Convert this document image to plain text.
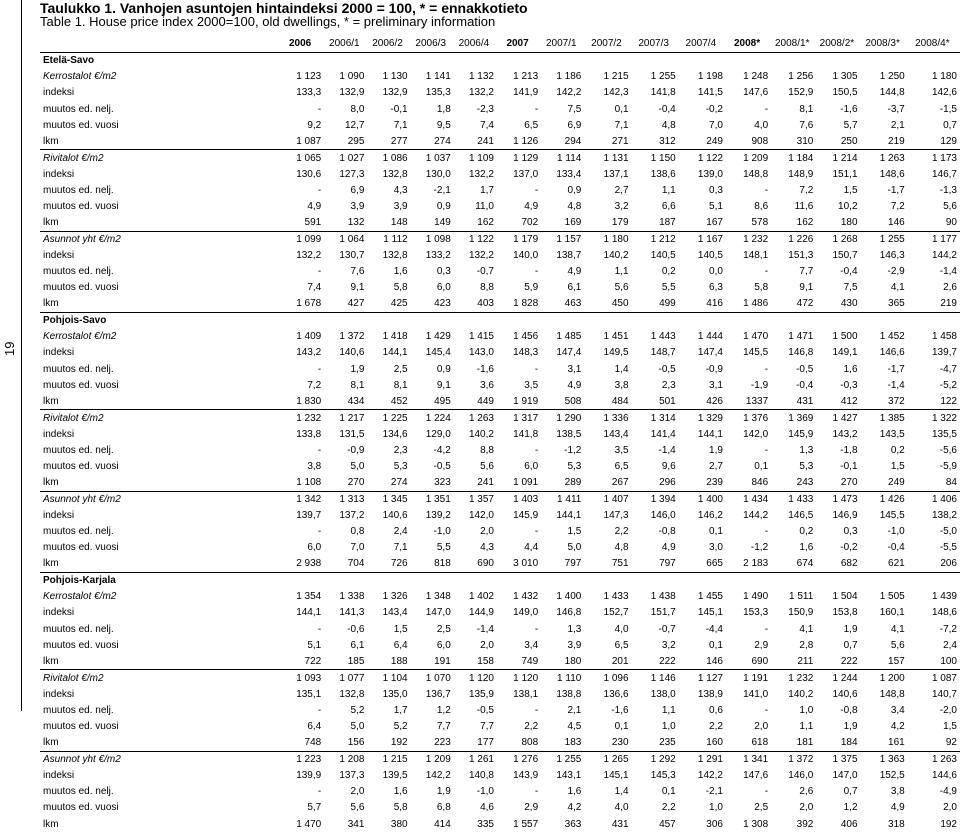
19
Taulukko 1. Vanhojen asuntojen hintaindeksi 2000 = 100, * = ennakkotieto
Table 1. House price index 2000=100, old dwellings, * = preliminary information
	2006	2006/1	2006/2	2006/3	2006/4	2007	2007/1	2007/2	2007/3	2007/4	2008*	2008/1*	2008/2*	2008/3*	2008/4*
Etelä-Savo															
Kerrostalot €/m2	1 123	1 090	1 130	1 141	1 132	1 213	1 186	1 215	1 255	1 198	1 248	1 256	1 305	1 250	1 180
indeksi	133,3	132,9	132,9	135,3	132,2	141,9	142,2	142,3	141,8	141,5	147,6	152,9	150,5	144,8	142,6
muutos ed. nelj.	-	8,0	-0,1	1,8	-2,3	-	7,5	0,1	-0,4	-0,2	-	8,1	-1,6	-3,7	-1,5
muutos ed. vuosi	9,2	12,7	7,1	9,5	7,4	6,5	6,9	7,1	4,8	7,0	4,0	7,6	5,7	2,1	0,7
lkm	1 087	295	277	274	241	1 126	294	271	312	249	908	310	250	219	129
Rivitalot €/m2	1 065	1 027	1 086	1 037	1 109	1 129	1 114	1 131	1 150	1 122	1 209	1 184	1 214	1 263	1 173
indeksi	130,6	127,3	132,8	130,0	132,2	137,0	133,4	137,1	138,6	139,0	148,8	148,9	151,1	148,6	146,7
muutos ed. nelj.	-	6,9	4,3	-2,1	1,7	-	0,9	2,7	1,1	0,3	-	7,2	1,5	-1,7	-1,3
muutos ed. vuosi	4,9	3,9	3,9	0,9	11,0	4,9	4,8	3,2	6,6	5,1	8,6	11,6	10,2	7,2	5,6
lkm	591	132	148	149	162	702	169	179	187	167	578	162	180	146	90
Asunnot yht €/m2	1 099	1 064	1 112	1 098	1 122	1 179	1 157	1 180	1 212	1 167	1 232	1 226	1 268	1 255	1 177
indeksi	132,2	130,7	132,8	133,2	132,2	140,0	138,7	140,2	140,5	140,5	148,1	151,3	150,7	146,3	144,2
muutos ed. nelj.	-	7,6	1,6	0,3	-0,7	-	4,9	1,1	0,2	0,0	-	7,7	-0,4	-2,9	-1,4
muutos ed. vuosi	7,4	9,1	5,8	6,0	8,8	5,9	6,1	5,6	5,5	6,3	5,8	9,1	7,5	4,1	2,6
lkm	1 678	427	425	423	403	1 828	463	450	499	416	1 486	472	430	365	219
Pohjois-Savo															
Kerrostalot €/m2	1 409	1 372	1 418	1 429	1 415	1 456	1 485	1 451	1 443	1 444	1 470	1 471	1 500	1 452	1 458
indeksi	143,2	140,6	144,1	145,4	143,0	148,3	147,4	149,5	148,7	147,4	145,5	146,8	149,1	146,6	139,7
muutos ed. nelj.	-	1,9	2,5	0,9	-1,6	-	3,1	1,4	-0,5	-0,9	-	-0,5	1,6	-1,7	-4,7
muutos ed. vuosi	7,2	8,1	8,1	9,1	3,6	3,5	4,9	3,8	2,3	3,1	-1,9	-0,4	-0,3	-1,4	-5,2
lkm	1 830	434	452	495	449	1 919	508	484	501	426	1337	431	412	372	122
Rivitalot €/m2	1 232	1 217	1 225	1 224	1 263	1 317	1 290	1 336	1 314	1 329	1 376	1 369	1 427	1 385	1 322
indeksi	133,8	131,5	134,6	129,0	140,2	141,8	138,5	143,4	141,4	144,1	142,0	145,9	143,2	143,5	135,5
muutos ed. nelj.	-	-0,9	2,3	-4,2	8,8	-	-1,2	3,5	-1,4	1,9	-	1,3	-1,8	0,2	-5,6
muutos ed. vuosi	3,8	5,0	5,3	-0,5	5,6	6,0	5,3	6,5	9,6	2,7	0,1	5,3	-0,1	1,5	-5,9
lkm	1 108	270	274	323	241	1 091	289	267	296	239	846	243	270	249	84
Asunnot yht €/m2	1 342	1 313	1 345	1 351	1 357	1 403	1 411	1 407	1 394	1 400	1 434	1 433	1 473	1 426	1 406
indeksi	139,7	137,2	140,6	139,2	142,0	145,9	144,1	147,3	146,0	146,2	144,2	146,5	146,9	145,5	138,2
muutos ed. nelj.	-	0,8	2,4	-1,0	2,0	-	1,5	2,2	-0,8	0,1	-	0,2	0,3	-1,0	-5,0
muutos ed. vuosi	6,0	7,0	7,1	5,5	4,3	4,4	5,0	4,8	4,9	3,0	-1,2	1,6	-0,2	-0,4	-5,5
lkm	2 938	704	726	818	690	3 010	797	751	797	665	2 183	674	682	621	206
Pohjois-Karjala															
Kerrostalot €/m2	1 354	1 338	1 326	1 348	1 402	1 432	1 400	1 433	1 438	1 455	1 490	1 511	1 504	1 505	1 439
indeksi	144,1	141,3	143,4	147,0	144,9	149,0	146,8	152,7	151,7	145,1	153,3	150,9	153,8	160,1	148,6
muutos ed. nelj.	-	-0,6	1,5	2,5	-1,4	-	1,3	4,0	-0,7	-4,4	-	4,1	1,9	4,1	-7,2
muutos ed. vuosi	5,1	6,1	6,4	6,0	2,0	3,4	3,9	6,5	3,2	0,1	2,9	2,8	0,7	5,6	2,4
lkm	722	185	188	191	158	749	180	201	222	146	690	211	222	157	100
Rivitalot €/m2	1 093	1 077	1 104	1 070	1 120	1 120	1 110	1 096	1 146	1 127	1 191	1 232	1 244	1 200	1 087
indeksi	135,1	132,8	135,0	136,7	135,9	138,1	138,8	136,6	138,0	138,9	141,0	140,2	140,6	148,8	140,7
muutos ed. nelj.	-	5,2	1,7	1,2	-0,5	-	2,1	-1,6	1,1	0,6	-	1,0	-0,8	3,4	-2,0
muutos ed. vuosi	6,4	5,0	5,2	7,7	7,7	2,2	4,5	0,1	1,0	2,2	2,0	1,1	1,9	4,2	1,5
lkm	748	156	192	223	177	808	183	230	235	160	618	181	184	161	92
Asunnot yht €/m2	1 223	1 208	1 215	1 209	1 261	1 276	1 255	1 265	1 292	1 291	1 341	1 372	1 375	1 363	1 263
indeksi	139,9	137,3	139,5	142,2	140,8	143,9	143,1	145,1	145,3	142,2	147,6	146,0	147,0	152,5	144,6
muutos ed. nelj.	-	2,0	1,6	1,9	-1,0	-	1,6	1,4	0,1	-2,1	-	2,6	0,7	3,8	-4,9
muutos ed. vuosi	5,7	5,6	5,8	6,8	4,6	2,9	4,2	4,0	2,2	1,0	2,5	2,0	1,2	4,9	2,0
lkm	1 470	341	380	414	335	1 557	363	431	457	306	1 308	392	406	318	192
